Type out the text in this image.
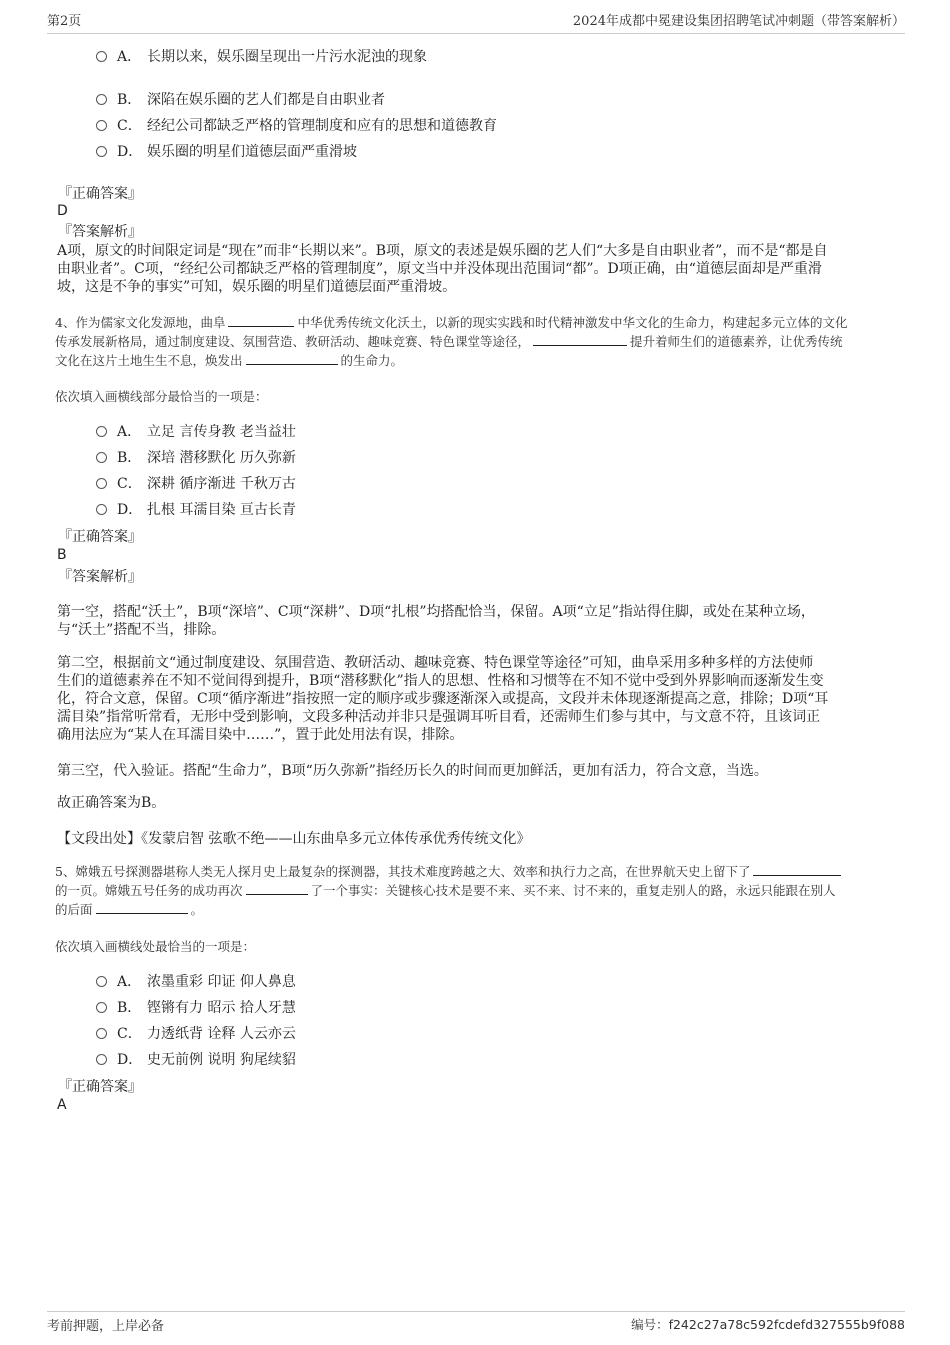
第2页	2024年成都中冕建设集团招聘笔试冲刺题（带答案解析）
A． 长期以来，娱乐圈呈现出一片污水泥浊的现象
B． 深陷在娱乐圈的艺人们都是自由职业者
C． 经纪公司都缺乏严格的管理制度和应有的思想和道德教育
D． 娱乐圈的明星们道德层面严重滑坡
『正确答案』
D
『答案解析』
A项，原文的时间限定词是“现在”而非“长期以来”。B项，原文的表述是娱乐圈的艺人们“大多是自由职业者”，而不是“都是自
由职业者”。C项，“经纪公司都缺乏严格的管理制度”，原文当中并没体现出范围词“都”。D项正确，由“道德层面却是严重滑
坡，这是不争的事实”可知，娱乐圈的明星们道德层面严重滑坡。
4、作为儒家文化发源地，曲阜	中华优秀传统文化沃土，以新的现实实践和时代精神激发中华文化的生命力，构建起多元立体的文化
传承发展新格局，通过制度建设、氛围营造、教研活动、趣味竞赛、特色课堂等途径，	提升着师生们的道德素养，让优秀传统
文化在这片土地生生不息，焕发出	的生命力。
依次填入画横线部分最恰当的一项是：
A． 立足 言传身教 老当益壮
B． 深培 潜移默化 历久弥新
C． 深耕 循序渐进 千秋万古
D． 扎根 耳濡目染 亘古长青
『正确答案』
B
『答案解析』
第一空，搭配“沃土”，B项“深培”、C项“深耕”、D项“扎根”均搭配恰当，保留。A项“立足”指站得住脚，或处在某种立场，
与“沃土”搭配不当，排除。
第二空，根据前文“通过制度建设、氛围营造、教研活动、趣味竞赛、特色课堂等途径”可知，曲阜采用多种多样的方法使师
生们的道德素养在不知不觉间得到提升，B项“潜移默化”指人的思想、性格和习惯等在不知不觉中受到外界影响而逐渐发生变
化，符合文意，保留。C项“循序渐进”指按照一定的顺序或步骤逐渐深入或提高，文段并未体现逐渐提高之意，排除；D项“耳
濡目染”指常听常看，无形中受到影响，文段多种活动并非只是强调耳听目看，还需师生们参与其中，与文意不符，且该词正
确用法应为“某人在耳濡目染中……”，置于此处用法有误，排除。
第三空，代入验证。搭配“生命力”，B项“历久弥新”指经历长久的时间而更加鲜活，更加有活力，符合文意，当选。
故正确答案为B。
【文段出处】《发蒙启智 弦歌不绝——山东曲阜多元立体传承优秀传统文化》
5、嫦娥五号探测器堪称人类无人探月史上最复杂的探测器，其技术难度跨越之大、效率和执行力之高，在世界航天史上留下了
的一页。嫦娥五号任务的成功再次	了一个事实：关键核心技术是要不来、买不来、讨不来的，重复走别人的路，永远只能跟在别人
的后面	。
依次填入画横线处最恰当的一项是：
A． 浓墨重彩 印证 仰人鼻息
B． 铿锵有力 昭示 拾人牙慧
C． 力透纸背 诠释 人云亦云
D． 史无前例 说明 狗尾续貂
『正确答案』
A
考前押题，上岸必备	编号：f242c27a78c592fcdefd327555b9f088
